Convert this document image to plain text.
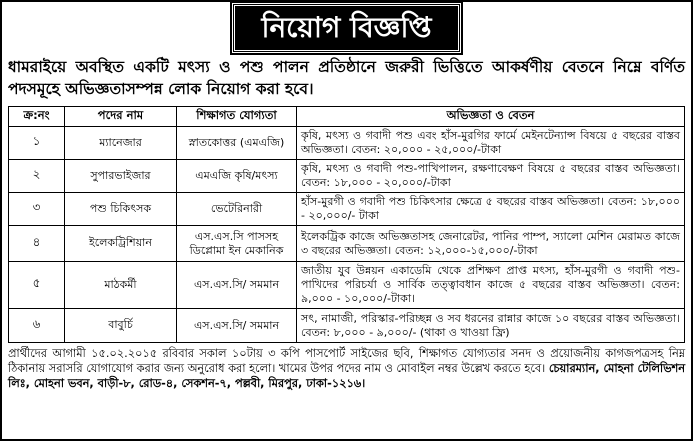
নিয়োগ বিজ্ঞপ্তি
ধামরাইয়ে অবস্থিত একটি মৎস্য ও পশু পালন প্রতিষ্ঠানে জরুরী ভিত্তিতে আকর্ষণীয় বেতনে নিম্নে বর্ণিত পদসমূহে অভিজ্ঞতাসম্পন্ন লোক নিয়োগ করা হবে।
ক্র:নং	পদের নাম	শিক্ষাগত যোগ্যতা	অভিজ্ঞতা ও বেতন
১	ম্যানেজার	স্নাতকোত্তর (এমএজি)	কৃষি, মৎস্য ও গবাদী পশু এবং হাঁস-মুরগির ফার্মে মেইনটেন্যান্স বিষয়ে ৫ বছরের বাস্তব অভিজ্ঞতা। বেতন: ২০,০০০ - ২৫,০০০/-টাকা
২	সুপারভাইজার	এমএজি কৃষি/মৎস্য	কৃষি, মৎস্য ও গবাদী পশু-পাখিপালন, রক্ষণাবেক্ষণ বিষয়ে ৫ বছরের বাস্তব অভিজ্ঞতা। বেতন: ১৮,০০০ - ২০,০০০/-টাকা
৩	পশু চিকিৎসক	ভেটেরিনারী	হাঁস-মুরগী ও গবাদী পশু চিকিৎসার ক্ষেত্রে ৫ বছরের বাস্তব অভিজ্ঞতা। বেতন: ১৮,০০০ - ২০,০০০/- টাকা
৪	ইলেকট্রিশিয়ান	এস.এস.সি পাসসহ ডিপ্লোমা ইন মেকানিক	ইলেকট্রিক কাজে অভিজ্ঞতাসহ জেনারেটর, পানির পাম্প, স্যালো মেশিন মেরামত কাজে ৩ বছরের অভিজ্ঞতা। বেতন: ১২,০০০-১৫,০০০/-টাকা
৫	মাঠকর্মী	এস.এস.সি/ সমমান	জাতীয় যুব উন্নয়ন একাডেমি থেকে প্রশিক্ষণ প্রাপ্ত মৎস্য, হাঁস-মুরগী ও গবাদী পশু-পাখিদের পরিচর্যা ও সার্বিক তত্ত্বাবধান কাজে ৫ বছরের বাস্তব অভিজ্ঞতা। বেতন: ৯,০০০ - ১০,০০০/-টাকা।
৬	বাবুর্চি	এস.এস.সি/ সমমান	সৎ, নামাজী, পরিস্কার-পরিচ্ছন্ন ও সব ধরনের রান্নার কাজে ১০ বছরের বাস্তব অভিজ্ঞতা। বেতন: ৮,০০০ - ৯,০০০/- (থাকা ও খাওয়া ফ্রি)
প্রার্থীদের আগামী ১৫.০২.২০১৫ রবিবার সকাল ১০টায় ৩ কপি পাসপোর্ট সাইজের ছবি, শিক্ষাগত যোগ্যতার সনদ ও প্রয়োজনীয় কাগজপত্রসহ নিম্ন ঠিকানায় সরাসরি যোগাযোগ করার জন্য অনুরোধ করা হলো। খামের উপর পদের নাম ও মোবাইল নম্বর উল্লেখ করতে হবে। চেয়ারম্যান, মোহনা টেলিভিশন লিঃ, মোহনা ভবন, বাড়ী-৮, রোড-৪, সেকশন-৭, পল্লবী, মিরপুর, ঢাকা-১২১৬।
